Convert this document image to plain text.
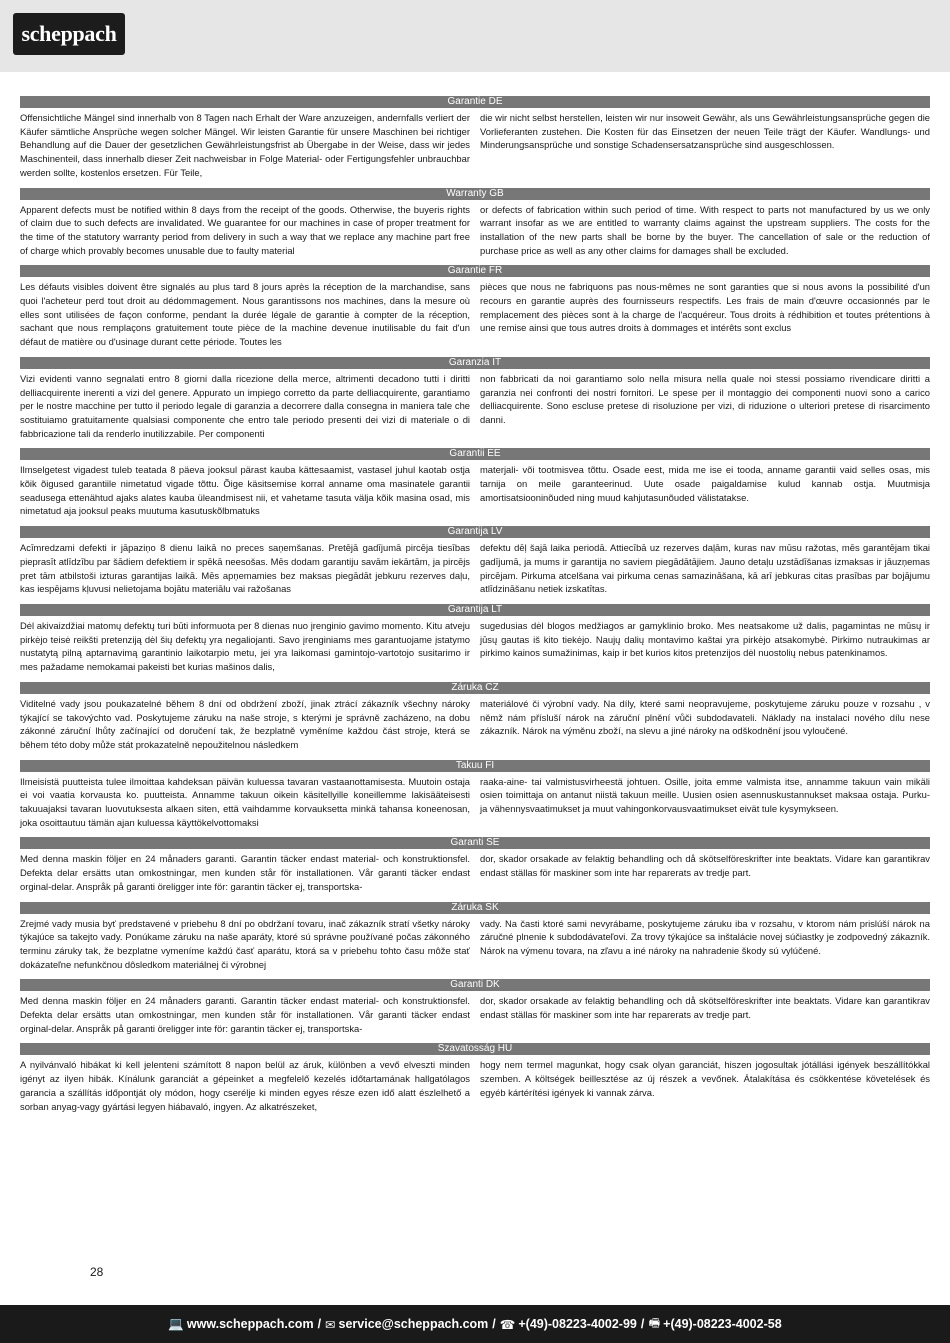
scheppach
Garantie DE

Offensichtliche Mängel sind innerhalb von 8 Tagen nach Erhalt der Ware anzuzeigen, andernfalls verliert der Käufer sämtliche Ansprüche wegen solcher Mängel. Wir leisten Garantie für unsere Maschinen bei richtiger Behandlung auf die Dauer der gesetzlichen Gewährleistungsfrist ab Übergabe in der Weise, dass wir jedes Maschinenteil, dass innerhalb dieser Zeit nachweisbar in Folge Material- oder Fertigungsfehler unbrauchbar werden sollte, kostenlos ersetzen. Für Teile,

die wir nicht selbst herstellen, leisten wir nur insoweit Gewähr, als uns Gewährleistungsansprüche gegen die Vorlieferanten zustehen. Die Kosten für das Einsetzen der neuen Teile trägt der Käufer. Wandlungs- und Minderungsansprüche und sonstige Schadensersatzansprüche sind ausgeschlossen.

Warranty GB

Apparent defects must be notified within 8 days from the receipt of the goods. Otherwise, the buyeris rights of claim due to such defects are invalidated. We guarantee for our machines in case of proper treatment for the time of the statutory warranty period from delivery in such a way that we replace any machine part free of charge which provably becomes unusable due to faulty material

or defects of fabrication within such period of time. With respect to parts not manufactured by us we only warrant insofar as we are entitled to warranty claims against the upstream suppliers. The costs for the installation of the new parts shall be borne by the buyer. The cancellation of sale or the reduction of purchase price as well as any other claims for damages shall be excluded.

Garantie FR

Les défauts visibles doivent être signalés au plus tard 8 jours après la réception de la marchandise, sans quoi l'acheteur perd tout droit au dédommagement. Nous garantissons nos machines, dans la mesure où elles sont utilisées de façon conforme, pendant la durée légale de garantie à compter de la réception, sachant que nous remplaçons gratuitement toute pièce de la machine devenue inutilisable du fait d'un défaut de matière ou d'usinage durant cette période. Toutes les

pièces que nous ne fabriquons pas nous-mêmes ne sont garanties que si nous avons la possibilité d'un recours en garantie auprès des fournisseurs respectifs. Les frais de main d'œuvre occasionnés par le remplacement des pièces sont à la charge de l'acquéreur. Tous droits à rédhibition et toutes prétentions à une remise ainsi que tous autres droits à dommages et intérêts sont exclus

Garanzia IT

Vizi evidenti vanno segnalati entro 8 giorni dalla ricezione della merce, altrimenti decadono tutti i diritti delliacquirente inerenti a vizi del genere. Appurato un impiego corretto da parte delliacquirente, garantiamo per le nostre macchine per tutto il periodo legale di garanzia a decorrere dalla consegna in maniera tale che sostituiamo gratuitamente qualsiasi componente che entro tale periodo presenti dei vizi di materiale o di fabbricazione tali da renderlo inutilizzabile. Per componenti

non fabbricati da noi garantiamo solo nella misura nella quale noi stessi possiamo rivendicare diritti a garanzia nei confronti dei nostri fornitori. Le spese per il montaggio dei componenti nuovi sono a carico delliacquirente. Sono escluse pretese di risoluzione per vizi, di riduzione o ulteriori pretese di risarcimento danni.

Garantii EE

Ilmselgetest vigadest tuleb teatada 8 päeva jooksul pärast kauba kättesaamist, vastasel juhul kaotab ostja kõik õigused garantiile nimetatud vigade tõttu. Õige käsitsemise korral anname oma masinatele garantii seadusega ettenähtud ajaks alates kauba üleandmisest nii, et vahetame tasuta välja kõik masina osad, mis nimetatud aja jooksul peaks muutuma kasutuskõlbmatuks

materjali- või tootmisvea tõttu. Osade eest, mida me ise ei tooda, anname garantii vaid selles osas, mis tarnija on meile garanteerinud. Uute osade paigaldamise kulud kannab ostja. Muutmisja amortisatsiooninõuded ning muud kahjutasunõuded välistatakse.

Garantija LV

Acīmredzami defekti ir jāpaziņo 8 dienu laikā no preces saņemšanas. Pretējā gadījumā pircēja tiesības pieprasīt atlīdzību par šādiem defektiem ir spēkā neesošas. Mēs dodam garantiju savām iekārtām, ja pircējs pret tām atbilstoši izturas garantijas laikā. Mēs apņemamies bez maksas piegādāt jebkuru rezerves daļu, kas iespējams kļuvusi nelietojama bojātu materiālu vai ražošanas

defektu dēļ šajā laika periodā. Attiecībā uz rezerves daļām, kuras nav mūsu ražotas, mēs garantējam tikai gadījumā, ja mums ir garantija no saviem piegādātājiem. Jauno detaļu uzstādīšanas izmaksas ir jāuzņemas pircējam. Pirkuma atcelšana vai pirkuma cenas samazināšana, kā arī jebkuras citas prasības par bojājumu atlīdzināšanu netiek izskatītas.

Garantija LT

Dėl akivaizdžiai matomų defektų turi būti informuota per 8 dienas nuo įrenginio gavimo momento. Kitu atveju pirkėjo teisė reikšti pretenziją dėl šių defektų yra negaliojanti. Savo įrenginiams mes garantuojame įstatymo nustatytą pilną aptarnavimą garantinio laikotarpio metu, jei yra laikomasi gamintojo-vartotojo susitarimo ir mes pažadame nemokamai pakeisti bet kurias mašinos dalis,

sugedusias dėl blogos medžiagos ar gamyklinio broko. Mes neatsakome už dalis, pagamintas ne mūsų ir jūsų gautas iš kito tiekėjo. Naujų dalių montavimo kaštai yra pirkėjo atsakomybė. Pirkimo nutraukimas ar pirkimo kainos sumažinimas, kaip ir bet kurios kitos pretenzijos dėl nuostolių nebus patenkinamos.

Záruka CZ

Viditelné vady jsou poukazatelné během 8 dní od obdržení zboží, jinak ztrácí zákazník všechny nároky týkající se takovýchto vad. Poskytujeme záruku na naše stroje, s kterými je správně zacházeno, na dobu zákonné záruční lhůty začínající od doručení tak, že bezplatně vyměníme každou část stroje, která se během této doby může stát prokazatelně nepoužitelnou následkem

materiálové či výrobní vady. Na díly, které sami neopravujeme, poskytujeme záruku pouze v rozsahu , v němž nám přísluší nárok na záruční plnění vůči subdodavateli. Náklady na instalaci nového dílu nese zákazník. Nárok na výměnu zboží, na slevu a jiné nároky na odškodnění jsou vyloučené.

Takuu FI

Ilmeisistä puutteista tulee ilmoittaa kahdeksan päivän kuluessa tavaran vastaanottamisesta. Muutoin ostaja ei voi vaatia korvausta ko. puutteista. Annamme takuun oikein käsitellyille koneillemme lakisääteisesti takuuajaksi tavaran luovutuksesta alkaen siten, että vaihdamme korvauksetta minkä tahansa koneenosan, joka osoittautuu tämän ajan kuluessa käyttökelvottomaksi

raaka-aine- tai valmistusvirheestä johtuen. Osille, joita emme valmista itse, annamme takuun vain mikäli osien toimittaja on antanut niistä takuun meille. Uusien osien asennuskustannukset maksaa ostaja. Purku- ja vähennysvaatimukset ja muut vahingonkorvausvaatimukset eivät tule kysymykseen.

Garanti SE

Med denna maskin följer en 24 månaders garanti. Garantin täcker endast material- och konstruktionsfel. Defekta delar ersätts utan omkostningar, men kunden står för installationen. Vår garanti täcker endast orginal-delar. Anspråk på garanti öreligger inte för: garantin täcker ej, transportska-

dor, skador orsakade av felaktig behandling och då skötselföreskrifter inte beaktats. Vidare kan garantikrav endast ställas för maskiner som inte har reparerats av tredje part.

Záruka SK

Zrejmé vady musia byť predstavené v priebehu 8 dní po obdržaní tovaru, inač zákazník stratí všetky nároky týkajúce sa takejto vady. Ponúkame záruku na naše aparáty, ktoré sú správne používané počas zákonného terminu záruky tak, že bezplatne vymeníme každú časť aparátu, ktorá sa v priebehu tohto času môže stať dokázateľne nefunkčnou dôsledkom materiálnej či výrobnej

vady. Na časti ktoré sami nevyrábame, poskytujeme záruku iba v rozsahu, v ktorom nám prislúší nárok na záručné plnenie k subdodávateľovi. Za trovy týkajúce sa inštalácie novej súčiastky je zodpovedný zákazník. Nárok na výmenu tovara, na zľavu a iné nároky na nahradenie škody sú vylúčené.

Garanti DK

Med denna maskin följer en 24 månaders garanti. Garantin täcker endast material- och konstruktionsfel. Defekta delar ersätts utan omkostningar, men kunden står för installationen. Vår garanti täcker endast orginal-delar. Anspråk på garanti öreligger inte för: garantin täcker ej, transportska-

dor, skador orsakade av felaktig behandling och då skötselföreskrifter inte beaktats. Vidare kan garantikrav endast ställas för maskiner som inte har reparerats av tredje part.

Szavatosság HU

A nyilvánvaló hibákat ki kell jelenteni számított 8 napon belül az áruk, különben a vevő elveszti minden igényt az ilyen hibák. Kínálunk garanciát a gépeinket a megfelelő kezelés időtartamának hallgatólagos garancia a szállítás időpontját oly módon, hogy cserélje ki minden egyes része ezen idő alatt észlelhető a sorban anyag-vagy gyártási legyen hiábavaló, ingyen. Az alkatrészeket,

hogy nem termel magunkat, hogy csak olyan garanciát, hiszen jogosultak jótállási igények beszállítókkal szemben. A költségek beillesztése az új részek a vevőnek. Átalakítása és csökkentése követelések és egyéb kártérítési igények ki vannak zárva.

28
💻 www.scheppach.com / ✉ service@scheppach.com / ☎ +(49)-08223-4002-99 / 🖷 +(49)-08223-4002-58
